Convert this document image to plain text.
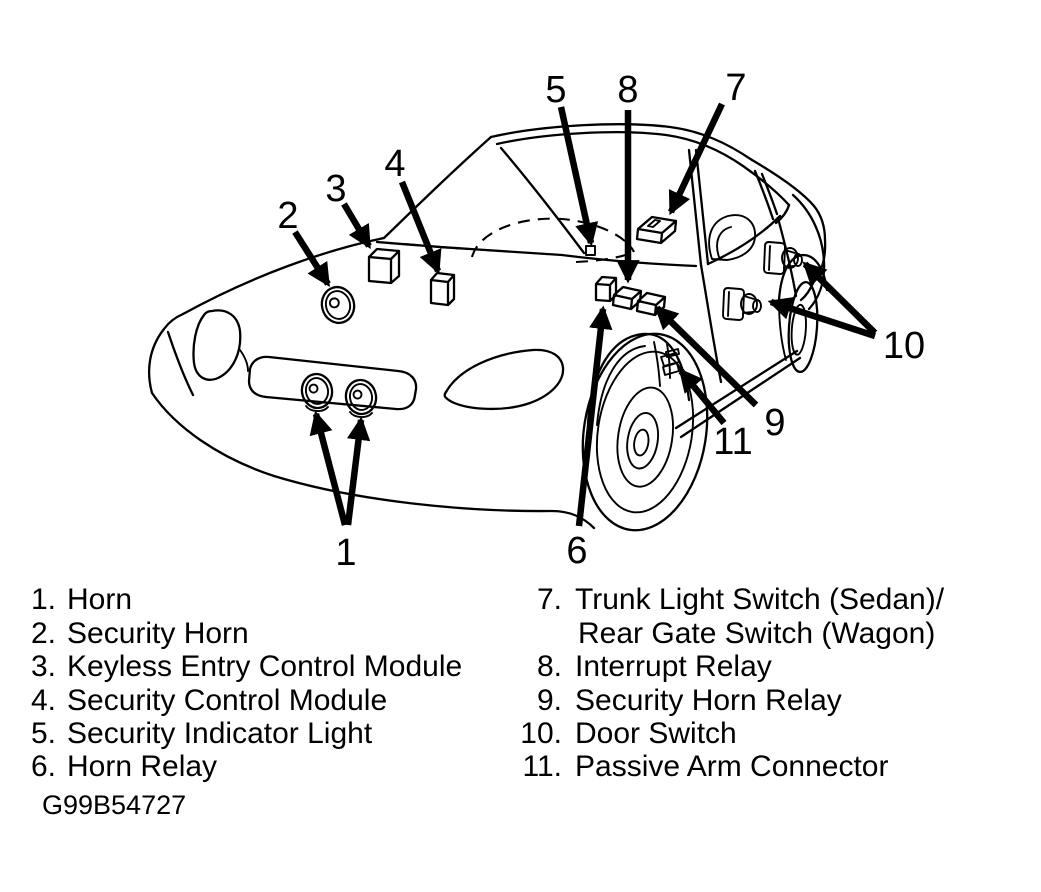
1
2
3
4
5
6
7
8
9
10
11
1. Horn
2. Security Horn
3. Keyless Entry Control Module
4. Security Control Module
5. Security Indicator Light
6. Horn Relay
7. Trunk Light Switch (Sedan)/
Rear Gate Switch (Wagon)
8. Interrupt Relay
9. Security Horn Relay
10. Door Switch
11. Passive Arm Connector
G99B54727
